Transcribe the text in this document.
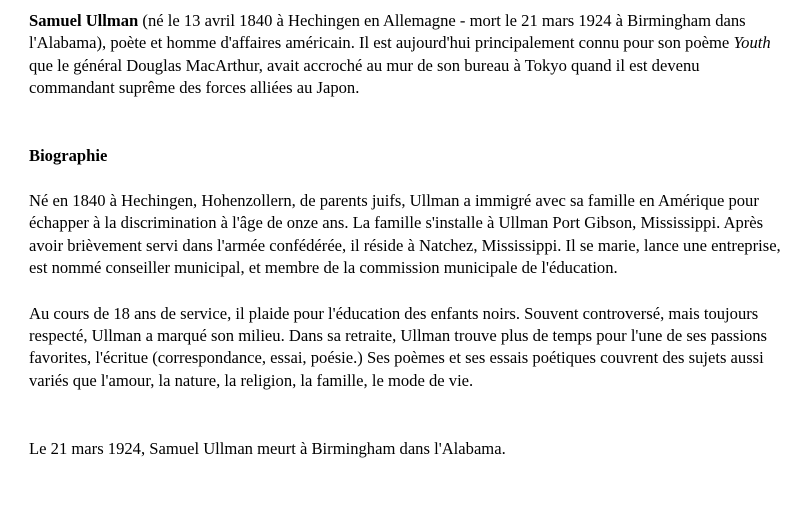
Samuel Ullman (né le 13 avril 1840 à Hechingen en Allemagne - mort le 21 mars 1924 à Birmingham dans l'Alabama), poète et homme d'affaires américain. Il est aujourd'hui principalement connu pour son poème Youth que le général Douglas MacArthur, avait accroché au mur de son bureau à Tokyo quand il est devenu commandant suprême des forces alliées au Japon.

Biographie

Né en 1840 à Hechingen, Hohenzollern, de parents juifs, Ullman a immigré avec sa famille en Amérique pour échapper à la discrimination à l'âge de onze ans. La famille s'installe à Ullman Port Gibson, Mississippi. Après avoir brièvement servi dans l'armée confédérée, il réside à Natchez, Mississippi. Il se marie, lance une entreprise, est nommé conseiller municipal, et membre de la commission municipale de l'éducation.

Au cours de 18 ans de service, il plaide pour l'éducation des enfants noirs. Souvent controversé, mais toujours respecté, Ullman a marqué son milieu. Dans sa retraite, Ullman trouve plus de temps pour l'une de ses passions favorites, l'écritue (correspondance, essai, poésie.) Ses poèmes et ses essais poétiques couvrent des sujets aussi variés que l'amour, la nature, la religion, la famille, le mode de vie.

Le 21 mars 1924, Samuel Ullman meurt à Birmingham dans l'Alabama.
